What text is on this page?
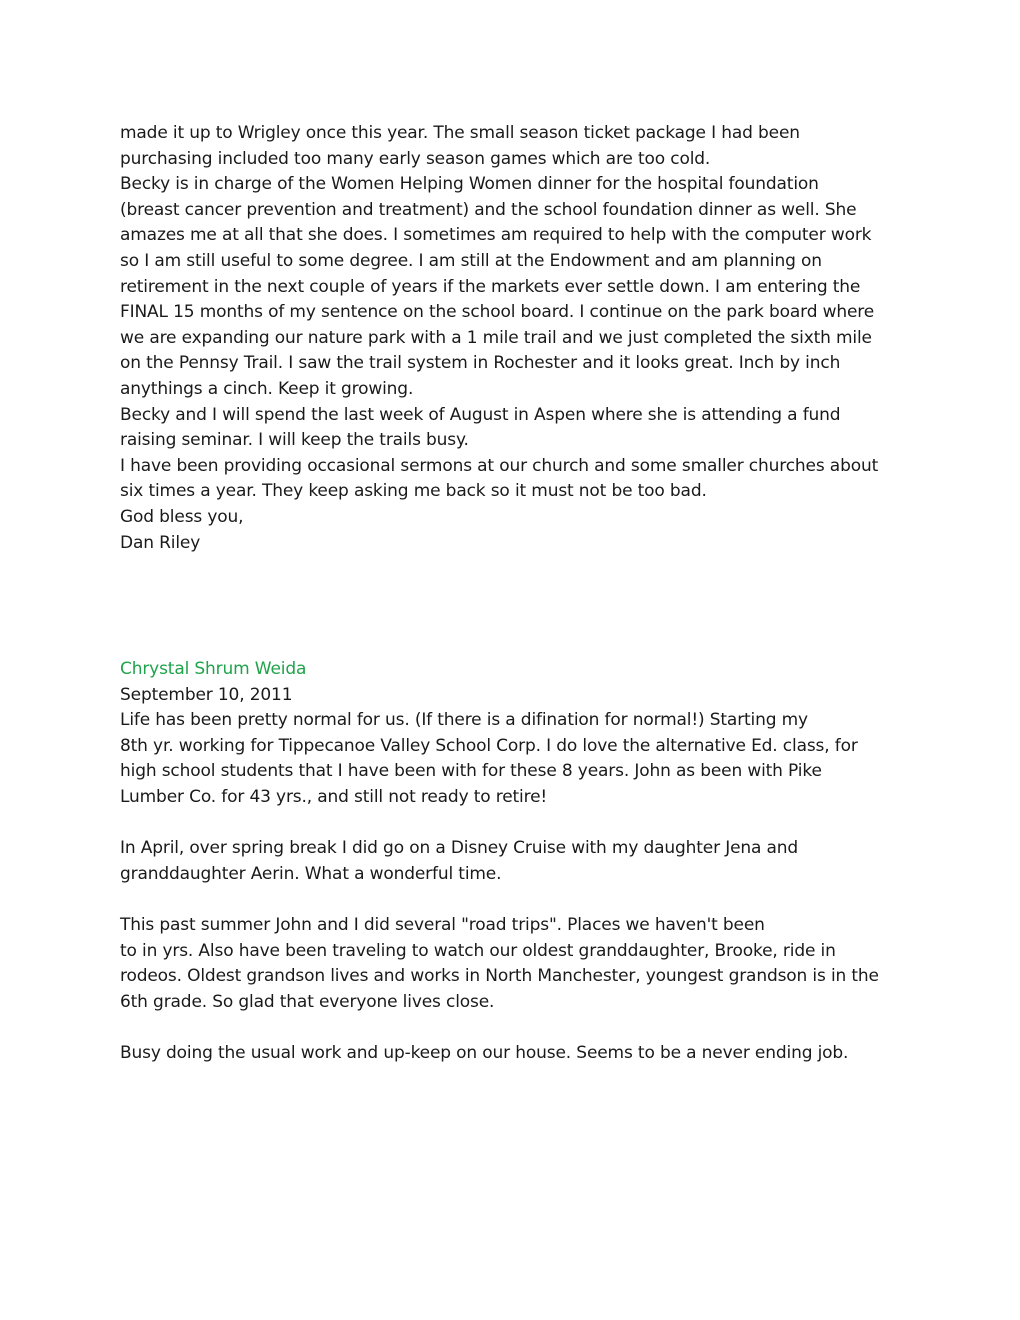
made it up to Wrigley once this year. The small season ticket package I had been
purchasing included too many early season games which are too cold.
Becky is in charge of the Women Helping Women dinner for the hospital foundation
(breast cancer prevention and treatment) and the school foundation dinner as well. She
amazes me at all that she does. I sometimes am required to help with the computer work
so I am still useful to some degree. I am still at the Endowment and am planning on
retirement in the next couple of years if the markets ever settle down. I am entering the
FINAL 15 months of my sentence on the school board. I continue on the park board where
we are expanding our nature park with a 1 mile trail and we just completed the sixth mile
on the Pennsy Trail. I saw the trail system in Rochester and it looks great. Inch by inch
anythings a cinch. Keep it growing.
Becky and I will spend the last week of August in Aspen where she is attending a fund
raising seminar. I will keep the trails busy.
I have been providing occasional sermons at our church and some smaller churches about
six times a year. They keep asking me back so it must not be too bad.
God bless you,
Dan Riley
Chrystal Shrum Weida
September 10, 2011
Life has been pretty normal for us. (If there is a difination for normal!) Starting my
8th yr. working for Tippecanoe Valley School Corp. I do love the alternative Ed. class, for
high school students that I have been with for these 8 years. John as been with Pike
Lumber Co. for 43 yrs., and still not ready to retire!
In April, over spring break I did go on a Disney Cruise with my daughter Jena and
granddaughter Aerin. What a wonderful time.
This past summer John and I did several "road trips". Places we haven't been
to in yrs. Also have been traveling to watch our oldest granddaughter, Brooke, ride in
rodeos. Oldest grandson lives and works in North Manchester, youngest grandson is in the
6th grade. So glad that everyone lives close.
Busy doing the usual work and up-keep on our house. Seems to be a never ending job.
